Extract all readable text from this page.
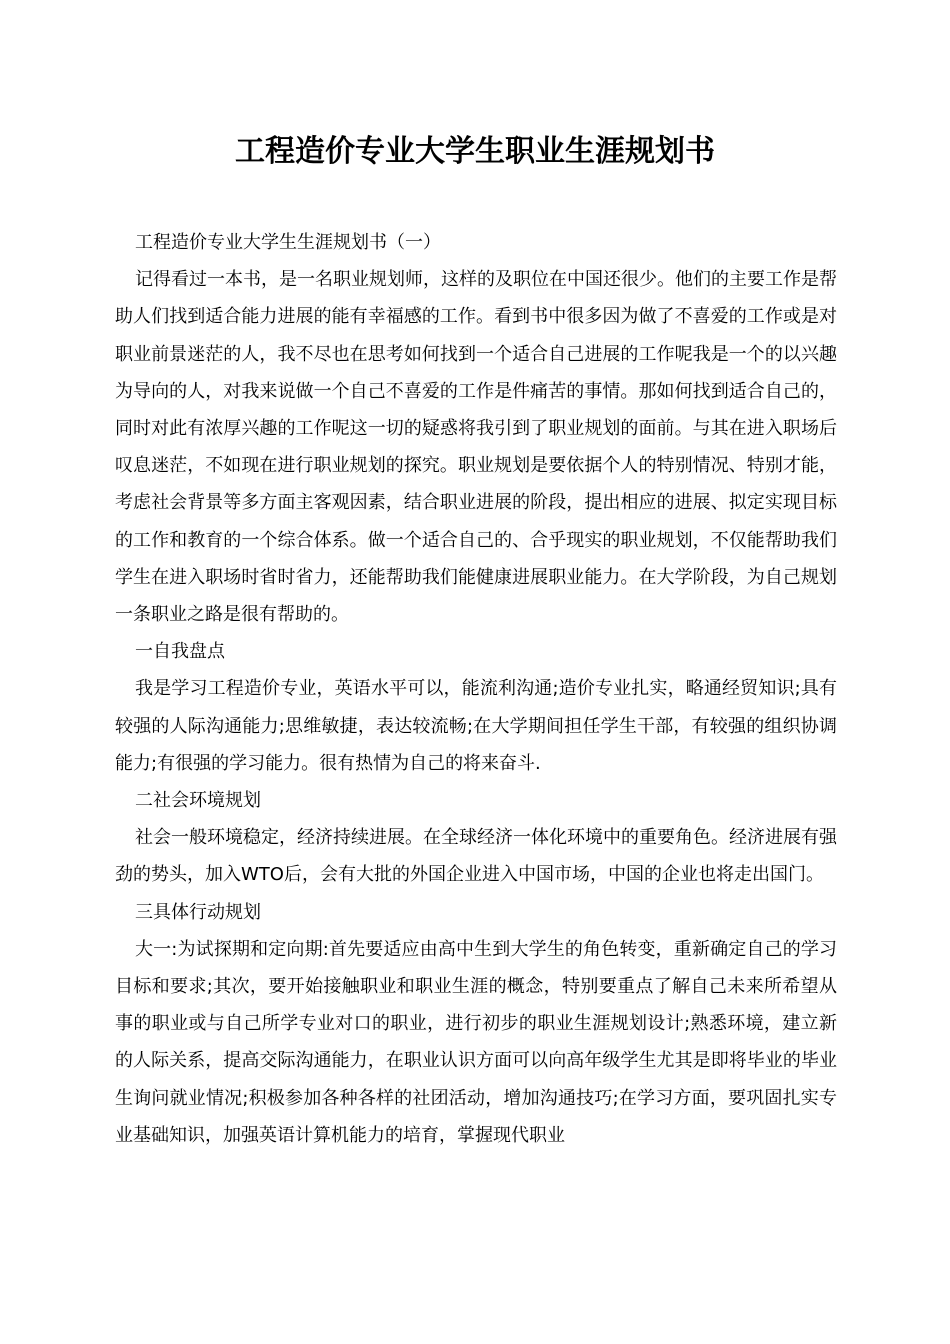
工程造价专业大学生职业生涯规划书

工程造价专业大学生生涯规划书（一）

记得看过一本书，是一名职业规划师，这样的及职位在中国还很少。他们的主要工作是帮助人们找到适合能力进展的能有幸福感的工作。看到书中很多因为做了不喜爱的工作或是对职业前景迷茫的人，我不尽也在思考如何找到一个适合自己进展的工作呢我是一个的以兴趣为导向的人，对我来说做一个自己不喜爱的工作是件痛苦的事情。那如何找到适合自己的，同时对此有浓厚兴趣的工作呢这一切的疑惑将我引到了职业规划的面前。与其在进入职场后叹息迷茫，不如现在进行职业规划的探究。职业规划是要依据个人的特别情况、特别才能，考虑社会背景等多方面主客观因素，结合职业进展的阶段，提出相应的进展、拟定实现目标的工作和教育的一个综合体系。做一个适合自己的、合乎现实的职业规划，不仅能帮助我们学生在进入职场时省时省力，还能帮助我们能健康进展职业能力。在大学阶段，为自己规划一条职业之路是很有帮助的。

一自我盘点

我是学习工程造价专业，英语水平可以，能流利沟通;造价专业扎实，略通经贸知识;具有较强的人际沟通能力;思维敏捷，表达较流畅;在大学期间担任学生干部，有较强的组织协调能力;有很强的学习能力。很有热情为自己的将来奋斗.

二社会环境规划

社会一般环境稳定，经济持续进展。在全球经济一体化环境中的重要角色。经济进展有强劲的势头，加入WTO后，会有大批的外国企业进入中国市场，中国的企业也将走出国门。

三具体行动规划

大一:为试探期和定向期:首先要适应由高中生到大学生的角色转变，重新确定自己的学习目标和要求;其次，要开始接触职业和职业生涯的概念，特别要重点了解自己未来所希望从事的职业或与自己所学专业对口的职业，进行初步的职业生涯规划设计;熟悉环境，建立新的人际关系，提高交际沟通能力，在职业认识方面可以向高年级学生尤其是即将毕业的毕业生询问就业情况;积极参加各种各样的社团活动，增加沟通技巧;在学习方面，要巩固扎实专业基础知识，加强英语计算机能力的培育，掌握现代职业
